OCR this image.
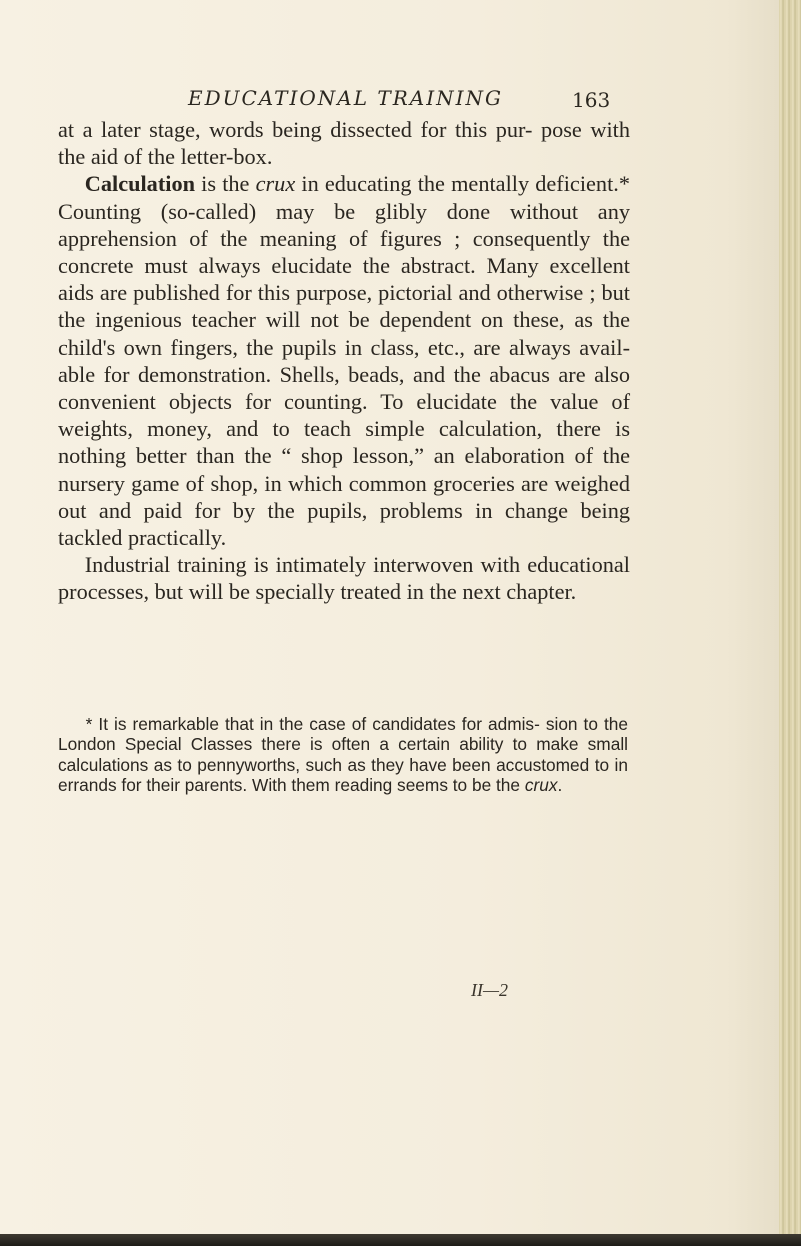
EDUCATIONAL TRAINING	163

at a later stage, words being dissected for this pur- pose with the aid of the letter-box.

Calculation is the crux in educating the mentally deficient.* Counting (so-called) may be glibly done without any apprehension of the meaning of figures ; consequently the concrete must always elucidate the abstract. Many excellent aids are published for this purpose, pictorial and otherwise ; but the ingenious teacher will not be dependent on these, as the child's own fingers, the pupils in class, etc., are always avail- able for demonstration. Shells, beads, and the abacus are also convenient objects for counting. To elucidate the value of weights, money, and to teach simple calculation, there is nothing better than the “ shop lesson,” an elaboration of the nursery game of shop, in which common groceries are weighed out and paid for by the pupils, problems in change being tackled practically.

Industrial training is intimately interwoven with educational processes, but will be specially treated in the next chapter.

* It is remarkable that in the case of candidates for admis- sion to the London Special Classes there is often a certain ability to make small calculations as to pennyworths, such as they have been accustomed to in errands for their parents. With them reading seems to be the crux.

II—2
